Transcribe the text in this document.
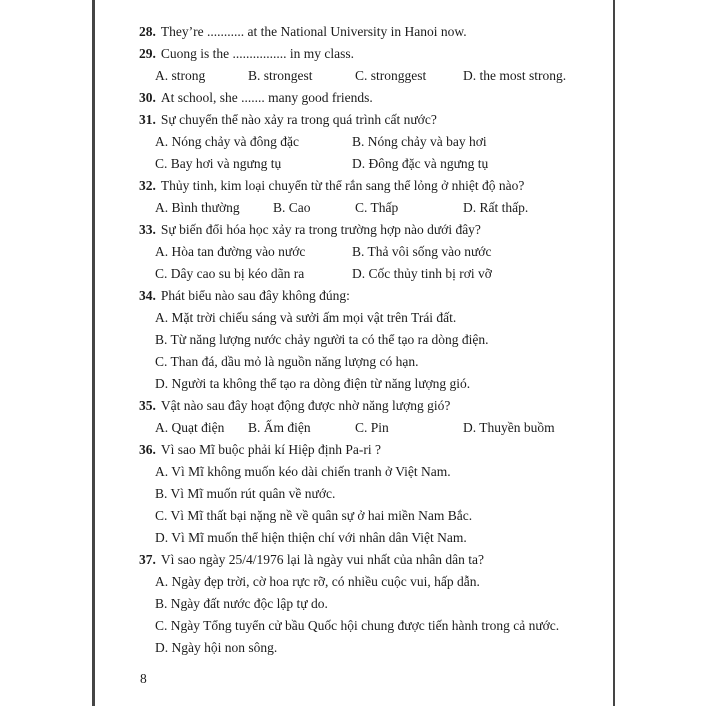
28. They’re ........... at the National University in Hanoi now.
29. Cuong is the ................ in my class.
A. strong	B. strongest	C. stronggest	D. the most strong.
30. At school, she ....... many good friends.
31. Sự chuyển thể nào xảy ra trong quá trình cất nước?
A. Nóng chảy và đông đặc	B. Nóng chảy và bay hơi
C. Bay hơi và ngưng tụ	D. Đông đặc và ngưng tụ
32. Thủy tinh, kim loại chuyển từ thể rắn sang thể lỏng ở nhiệt độ nào?
A. Bình thường	B. Cao	C. Thấp	D. Rất thấp.
33. Sự biến đổi hóa học xảy ra trong trường hợp nào dưới đây?
A. Hòa tan đường vào nước	B. Thả vôi sống vào nước
C. Dây cao su bị kéo dãn ra	D. Cốc thủy tinh bị rơi vỡ
34. Phát biểu nào sau đây không đúng:
A. Mặt trời chiếu sáng và sưởi ấm mọi vật trên Trái đất.
B. Từ năng lượng nước chảy người ta có thể tạo ra dòng điện.
C. Than đá, dầu mỏ là nguồn năng lượng có hạn.
D. Người ta không thể tạo ra dòng điện từ năng lượng gió.
35. Vật nào sau đây hoạt động được nhờ năng lượng gió?
A. Quạt điện	B. Ấm điện	C. Pin	D. Thuyền buồm
36. Vì sao Mĩ buộc phải kí Hiệp định Pa-ri ?
A. Vì Mĩ không muốn kéo dài chiến tranh ở Việt Nam.
B. Vì Mĩ muốn rút quân về nước.
C. Vì Mĩ thất bại nặng nề về quân sự ở hai miền Nam Bắc.
D. Vì Mĩ muốn thể hiện thiện chí với nhân dân Việt Nam.
37. Vì sao ngày 25/4/1976 lại là ngày vui nhất của nhân dân ta?
A. Ngày đẹp trời, cờ hoa rực rỡ, có nhiều cuộc vui, hấp dẫn.
B. Ngày đất nước độc lập tự do.
C. Ngày Tổng tuyển cử bầu Quốc hội chung được tiến hành trong cả nước.
D. Ngày hội non sông.
8
